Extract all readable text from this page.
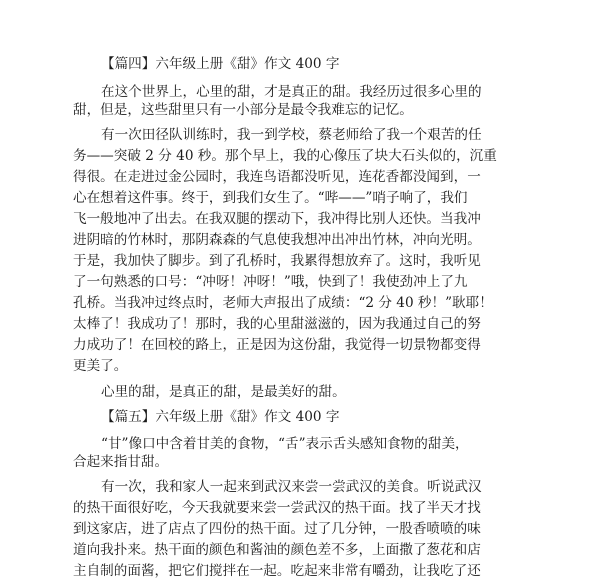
【篇四】六年级上册《甜》作文 400 字
在这个世界上，心里的甜，才是真正的甜。我经历过很多心里的
甜，但是，这些甜里只有一小部分是最令我难忘的记忆。
有一次田径队训练时，我一到学校，蔡老师给了我一个艰苦的任
务——突破 2 分 40 秒。那个早上，我的心像压了块大石头似的，沉重
得很。在走进过金公园时，我连鸟语都没听见，连花香都没闻到，一
心在想着这件事。终于，到我们女生了。“哔——”哨子响了，我们
飞一般地冲了出去。在我双腿的摆动下，我冲得比别人还快。当我冲
进阴暗的竹林时，那阴森森的气息使我想冲出冲出竹林，冲向光明。
于是，我加快了脚步。到了孔桥时，我累得想放弃了。这时，我听见
了一句熟悉的口号：“冲呀！冲呀！”哦，快到了！我使劲冲上了九
孔桥。当我冲过终点时，老师大声报出了成绩：“2 分 40 秒！”耿耶！
太棒了！我成功了！那时，我的心里甜滋滋的，因为我通过自己的努
力成功了！在回校的路上，正是因为这份甜，我觉得一切景物都变得
更美了。
心里的甜，是真正的甜，是最美好的甜。
【篇五】六年级上册《甜》作文 400 字
“甘”像口中含着甘美的食物，“舌”表示舌头感知食物的甜美，
合起来指甘甜。
有一次，我和家人一起来到武汉来尝一尝武汉的美食。听说武汉
的热干面很好吃，今天我就要来尝一尝武汉的热干面。找了半天才找
到这家店，进了店点了四份的热干面。过了几分钟，一股香喷喷的味
道向我扑来。热干面的颜色和酱油的颜色差不多，上面撒了葱花和店
主自制的面酱，把它们搅拌在一起。吃起来非常有嚼劲，让我吃了还
